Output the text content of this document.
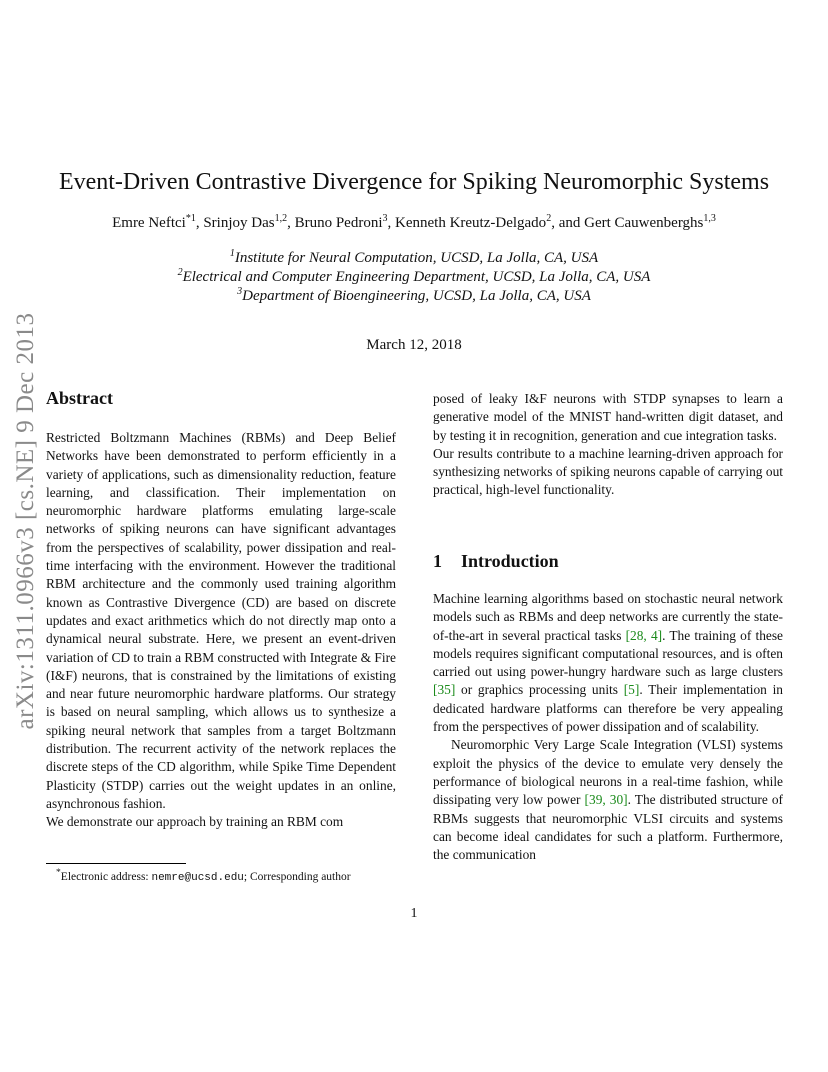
arXiv:1311.0966v3 [cs.NE] 9 Dec 2013
Event-Driven Contrastive Divergence for Spiking Neuromorphic Systems
Emre Neftci$^{*1}$, Srinjoy Das$^{1,2}$, Bruno Pedroni$^3$, Kenneth Kreutz-Delgado$^2$, and Gert Cauwenberghs$^{1,3}$
$^1$Institute for Neural Computation, UCSD, La Jolla, CA, USA
$^2$Electrical and Computer Engineering Department, UCSD, La Jolla, CA, USA
$^3$Department of Bioengineering, UCSD, La Jolla, CA, USA
March 12, 2018
Abstract

Restricted Boltzmann Machines (RBMs) and Deep Belief Networks have been demonstrated to perform efficiently in a variety of applications, such as dimensionality reduction, feature learning, and classification. Their implementation on neuromorphic hardware platforms emulating large-scale networks of spiking neurons can have significant advantages from the perspectives of scalability, power dissipation and real-time interfacing with the environment. However the traditional RBM architecture and the commonly used training algorithm known as Contrastive Divergence (CD) are based on discrete updates and exact arithmetics which do not directly map onto a dynamical neural substrate. Here, we present an event-driven variation of CD to train a RBM constructed with Integrate & Fire (I&F) neurons, that is constrained by the limitations of existing and near future neuromorphic hardware platforms. Our strategy is based on neural sampling, which allows us to synthesize a spiking neural network that samples from a target Boltzmann distribution. The recurrent activity of the network replaces the discrete steps of the CD algorithm, while Spike Time Dependent Plasticity (STDP) carries out the weight updates in an online, asynchronous fashion.

We demonstrate our approach by training an RBM com

posed of leaky I&F neurons with STDP synapses to learn a generative model of the MNIST hand-written digit dataset, and by testing it in recognition, generation and cue integration tasks.

Our results contribute to a machine learning-driven approach for synthesizing networks of spiking neurons capable of carrying out practical, high-level functionality.

1 Introduction

Machine learning algorithms based on stochastic neural network models such as RBMs and deep networks are currently the state-of-the-art in several practical tasks [28, 4]. The training of these models requires significant computational resources, and is often carried out using power-hungry hardware such as large clusters [35] or graphics processing units [5]. Their implementation in dedicated hardware platforms can therefore be very appealing from the perspectives of power dissipation and of scalability.

Neuromorphic Very Large Scale Integration (VLSI) systems exploit the physics of the device to emulate very densely the performance of biological neurons in a real-time fashion, while dissipating very low power [39, 30]. The distributed structure of RBMs suggests that neuromorphic VLSI circuits and systems can become ideal candidates for such a platform. Furthermore, the communication

*Electronic address: nemre@ucsd.edu; Corresponding author
1
